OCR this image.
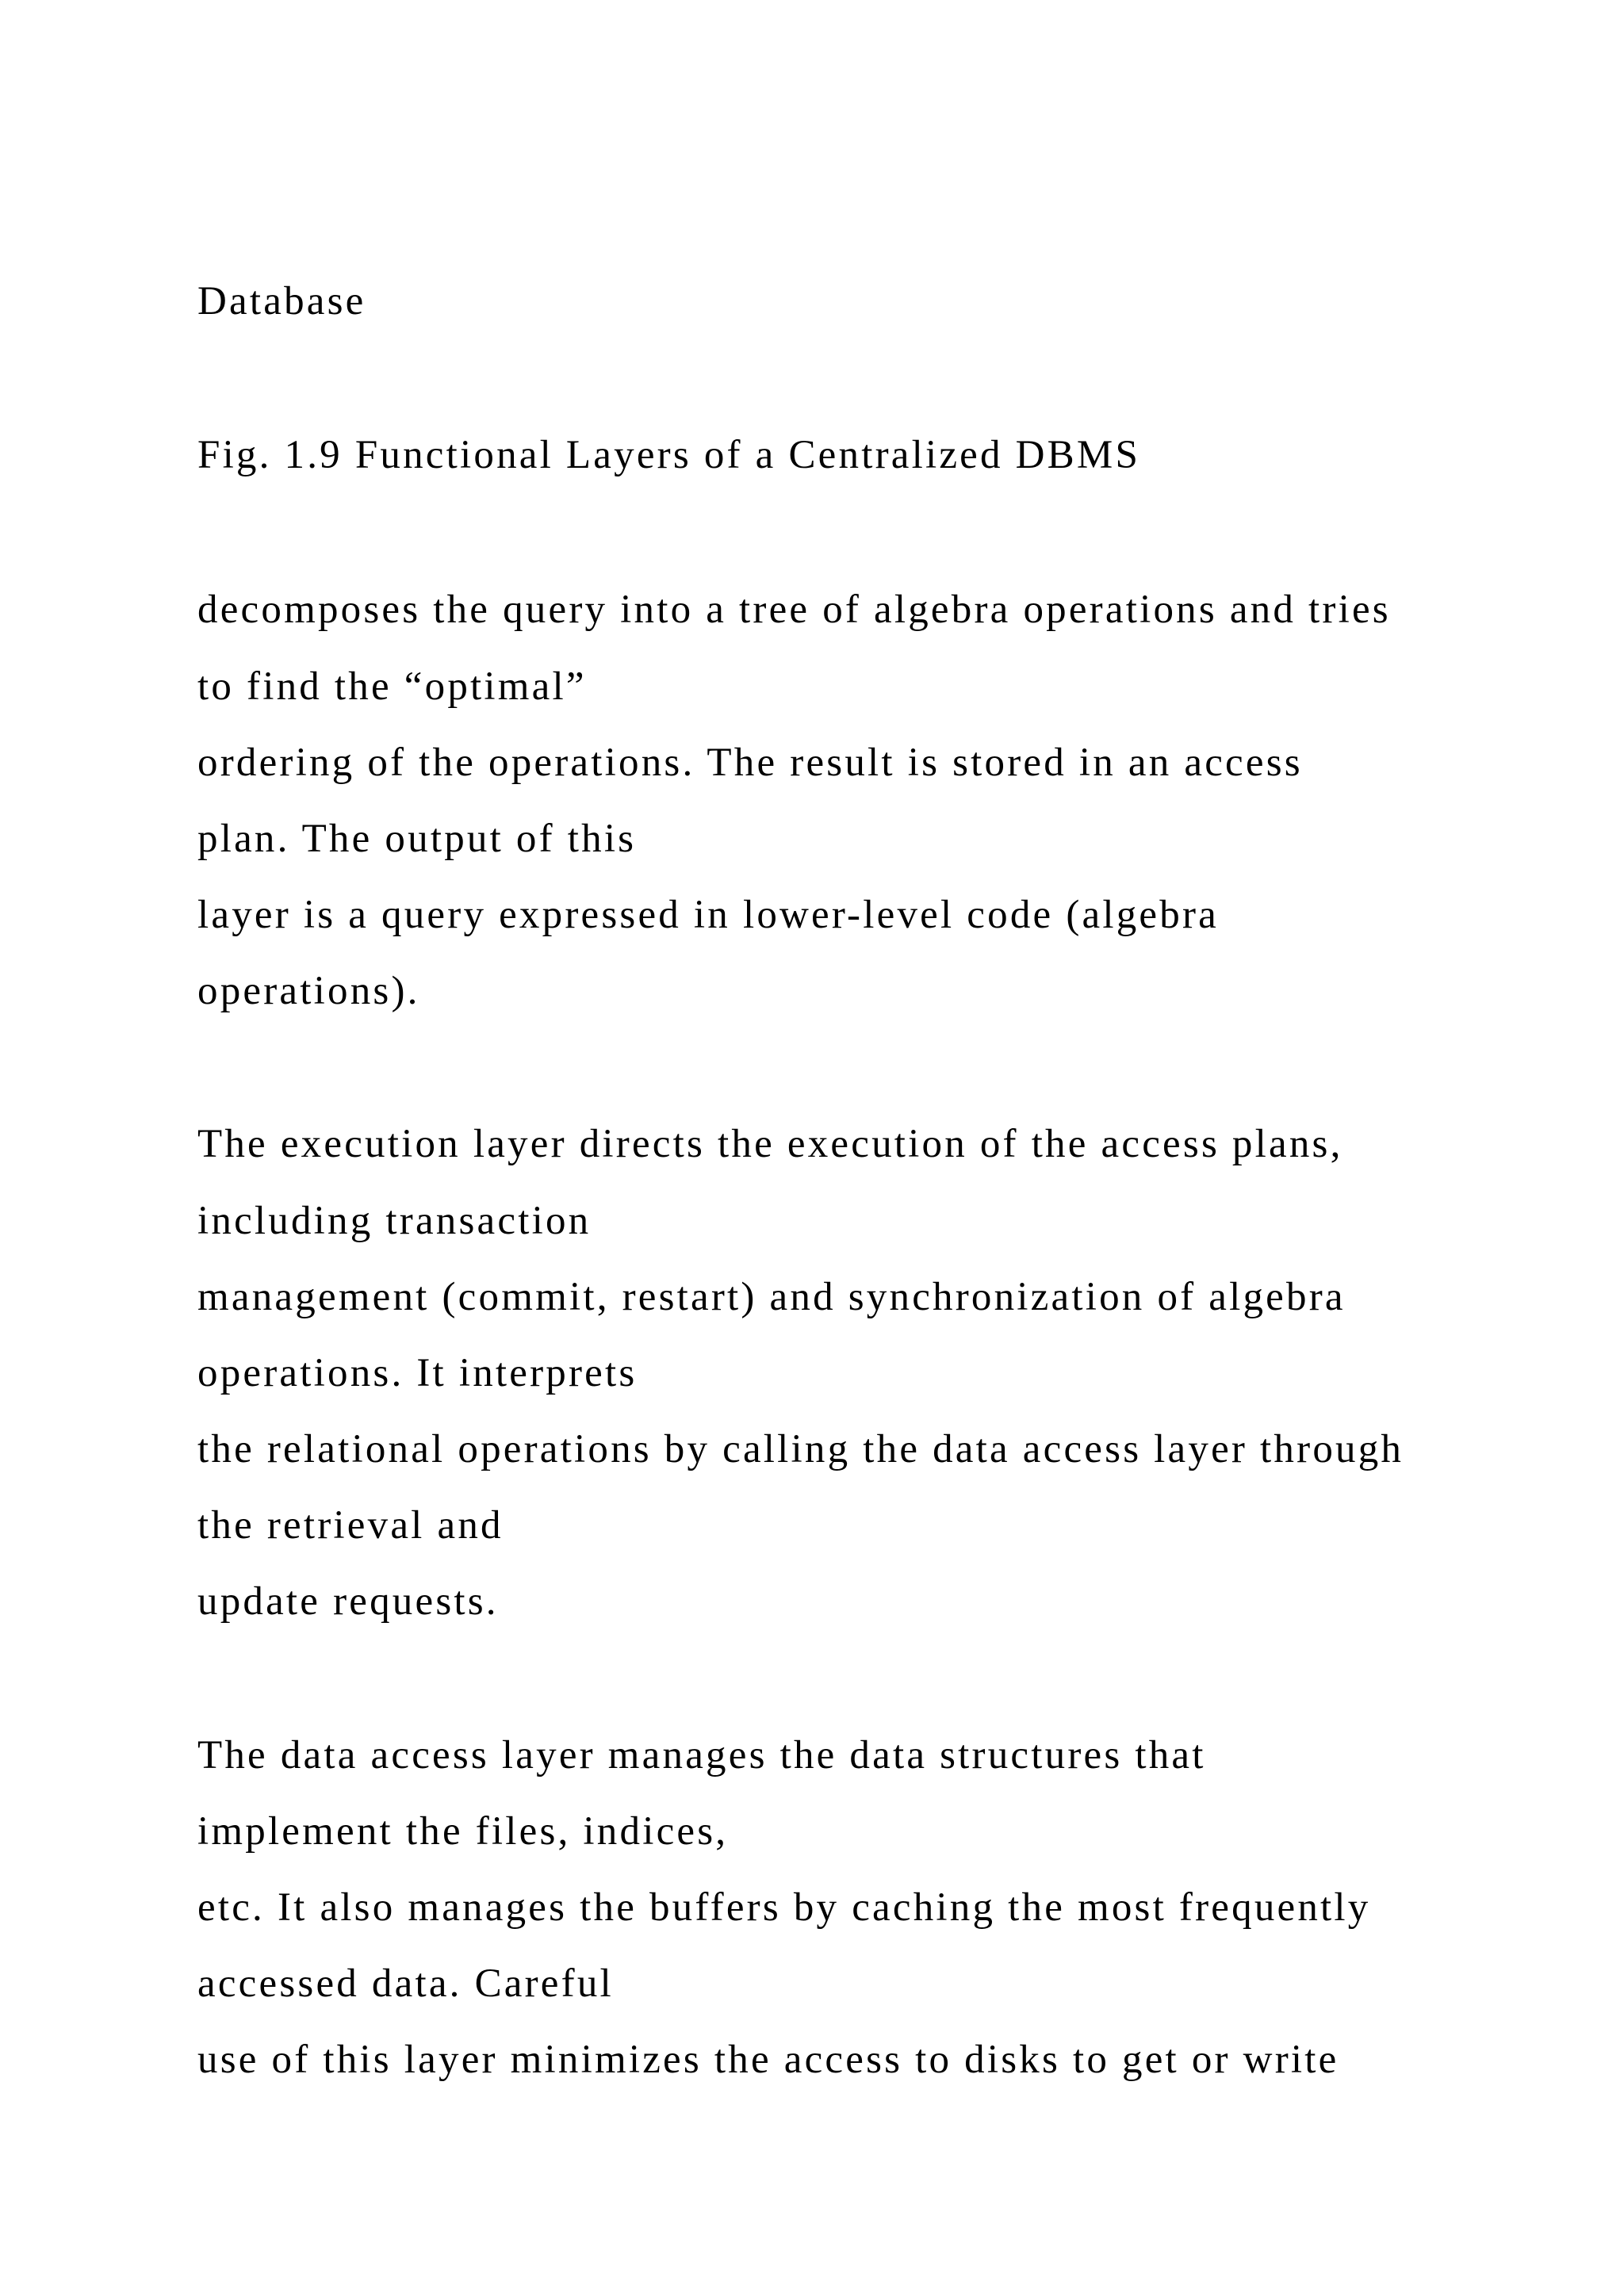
Database
Fig. 1.9 Functional Layers of a Centralized DBMS
decomposes the query into a tree of algebra operations and tries
to find the “optimal”
ordering of the operations. The result is stored in an access
plan. The output of this
layer is a query expressed in lower-level code (algebra
operations).
The execution layer directs the execution of the access plans,
including transaction
management (commit, restart) and synchronization of algebra
operations. It interprets
the relational operations by calling the data access layer through
the retrieval and
update requests.
The data access layer manages the data structures that
implement the files, indices,
etc. It also manages the buffers by caching the most frequently
accessed data. Careful
use of this layer minimizes the access to disks to get or write
